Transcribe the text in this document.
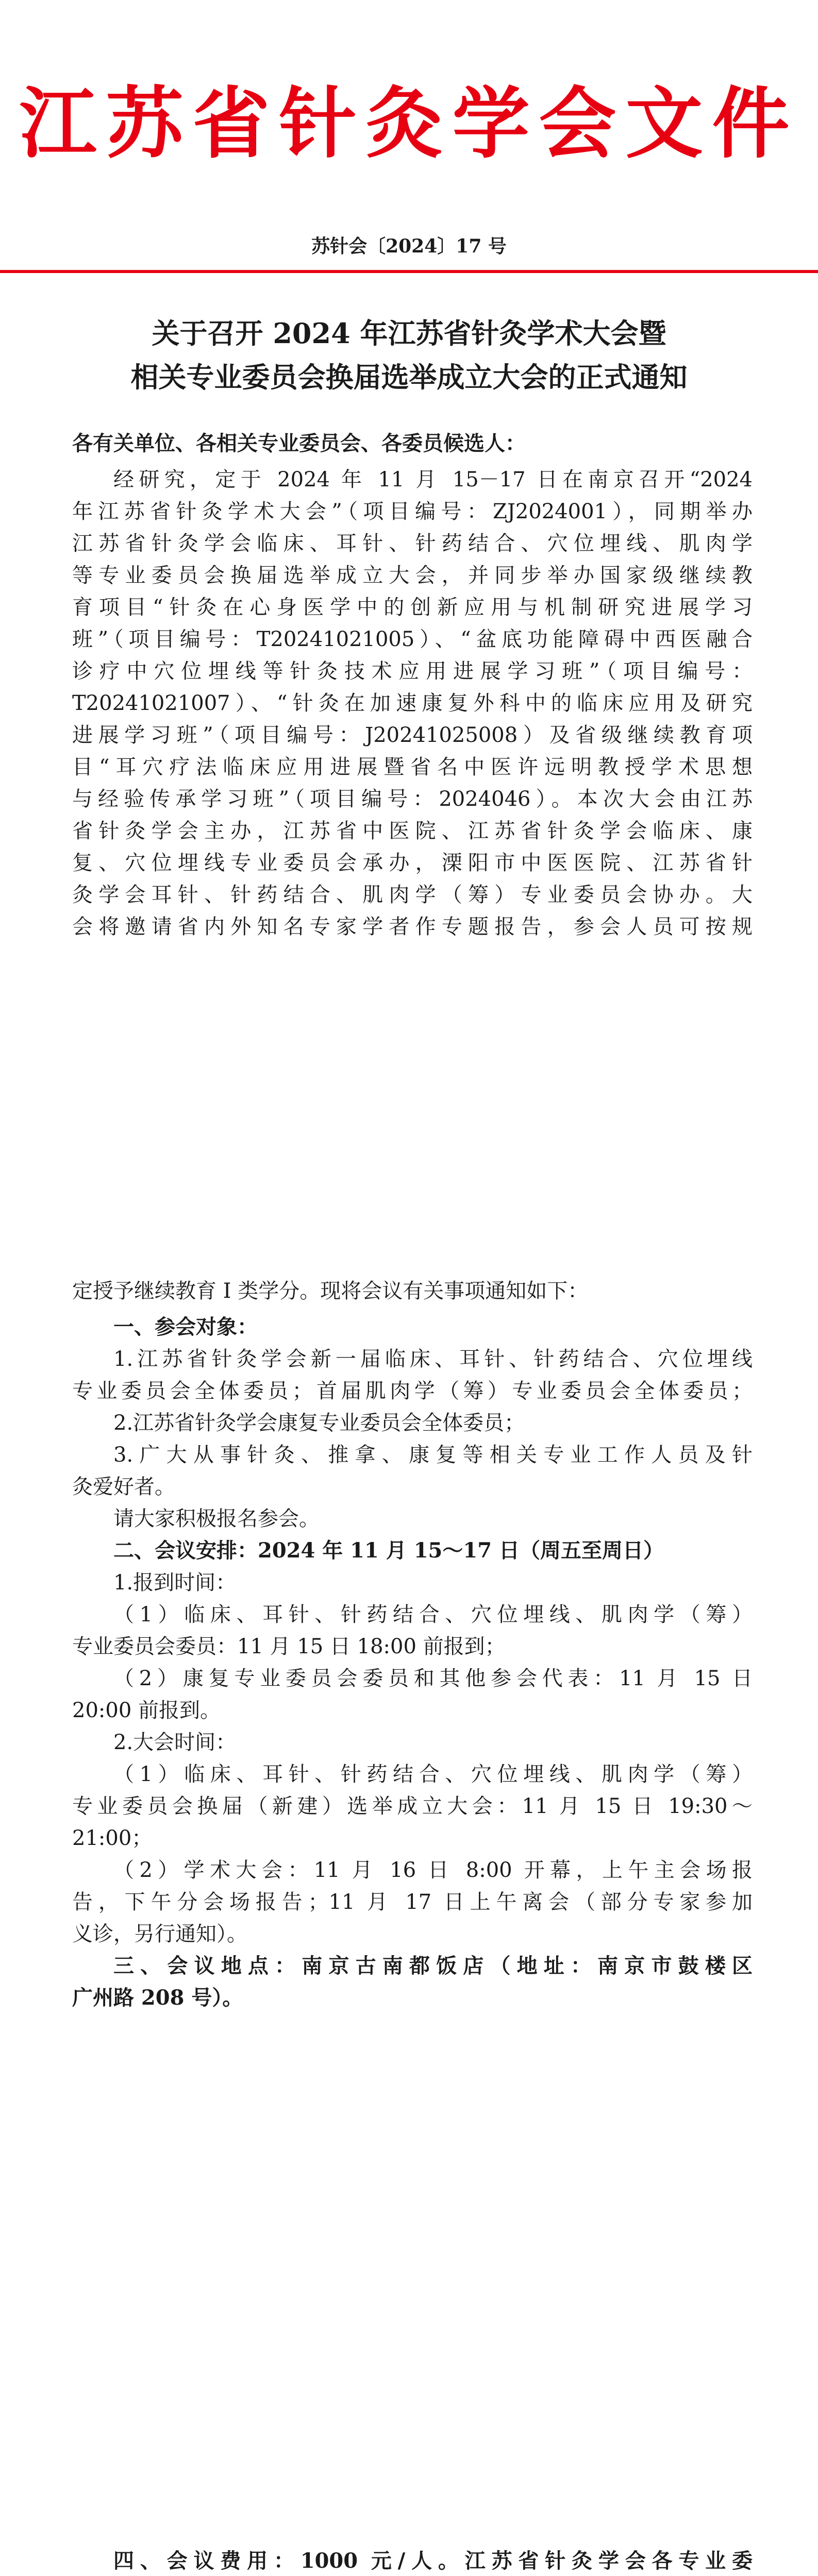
江苏省针灸学会文件
苏针会〔2024〕17 号
关于召开 2024 年江苏省针灸学术大会暨
相关专业委员会换届选举成立大会的正式通知
各有关单位、各相关专业委员会、各委员候选人：
经研究，定于 2024 年 11 月 15－17 日在南京召开“2024
年江苏省针灸学术大会”（项目编号：ZJ2024001），同期举办
江苏省针灸学会临床、耳针、针药结合、穴位埋线、肌肉学
等专业委员会换届选举成立大会，并同步举办国家级继续教
育项目“针灸在心身医学中的创新应用与机制研究进展学习
班”（项目编号：T20241021005）、“盆底功能障碍中西医融合
诊疗中穴位埋线等针灸技术应用进展学习班”（项目编号：
T20241021007）、“针灸在加速康复外科中的临床应用及研究
进展学习班”（项目编号：J20241025008）及省级继续教育项
目“耳穴疗法临床应用进展暨省名中医许远明教授学术思想
与经验传承学习班”（项目编号：2024046）。本次大会由江苏
省针灸学会主办，江苏省中医院、江苏省针灸学会临床、康
复、穴位埋线专业委员会承办，溧阳市中医医院、江苏省针
灸学会耳针、针药结合、肌肉学（筹）专业委员会协办。大
会将邀请省内外知名专家学者作专题报告，参会人员可按规
定授予继续教育 I 类学分。现将会议有关事项通知如下：
一、参会对象：
1.江苏省针灸学会新一届临床、耳针、针药结合、穴位埋线
专业委员会全体委员；首届肌肉学（筹）专业委员会全体委员；
2.江苏省针灸学会康复专业委员会全体委员；
3.广大从事针灸、推拿、康复等相关专业工作人员及针
灸爱好者。
请大家积极报名参会。
二、会议安排：2024 年 11 月 15～17 日（周五至周日）
1.报到时间：
（1）临床、耳针、针药结合、穴位埋线、肌肉学（筹）
专业委员会委员：11 月 15 日 18:00 前报到；
（2）康复专业委员会委员和其他参会代表：11 月 15 日
20:00 前报到。
2.大会时间：
（1）临床、耳针、针药结合、穴位埋线、肌肉学（筹）
专业委员会换届（新建）选举成立大会：11 月 15 日 19:30～
21:00；
（2）学术大会：11 月 16 日 8:00 开幕，上午主会场报
告，下午分会场报告；11 月 17 日上午离会（部分专家参加
义诊，另行通知）。
三、会议地点：南京古南都饭店（地址：南京市鼓楼区
广州路 208 号）。
四、会议费用：1000 元/人。江苏省针灸学会各专业委
